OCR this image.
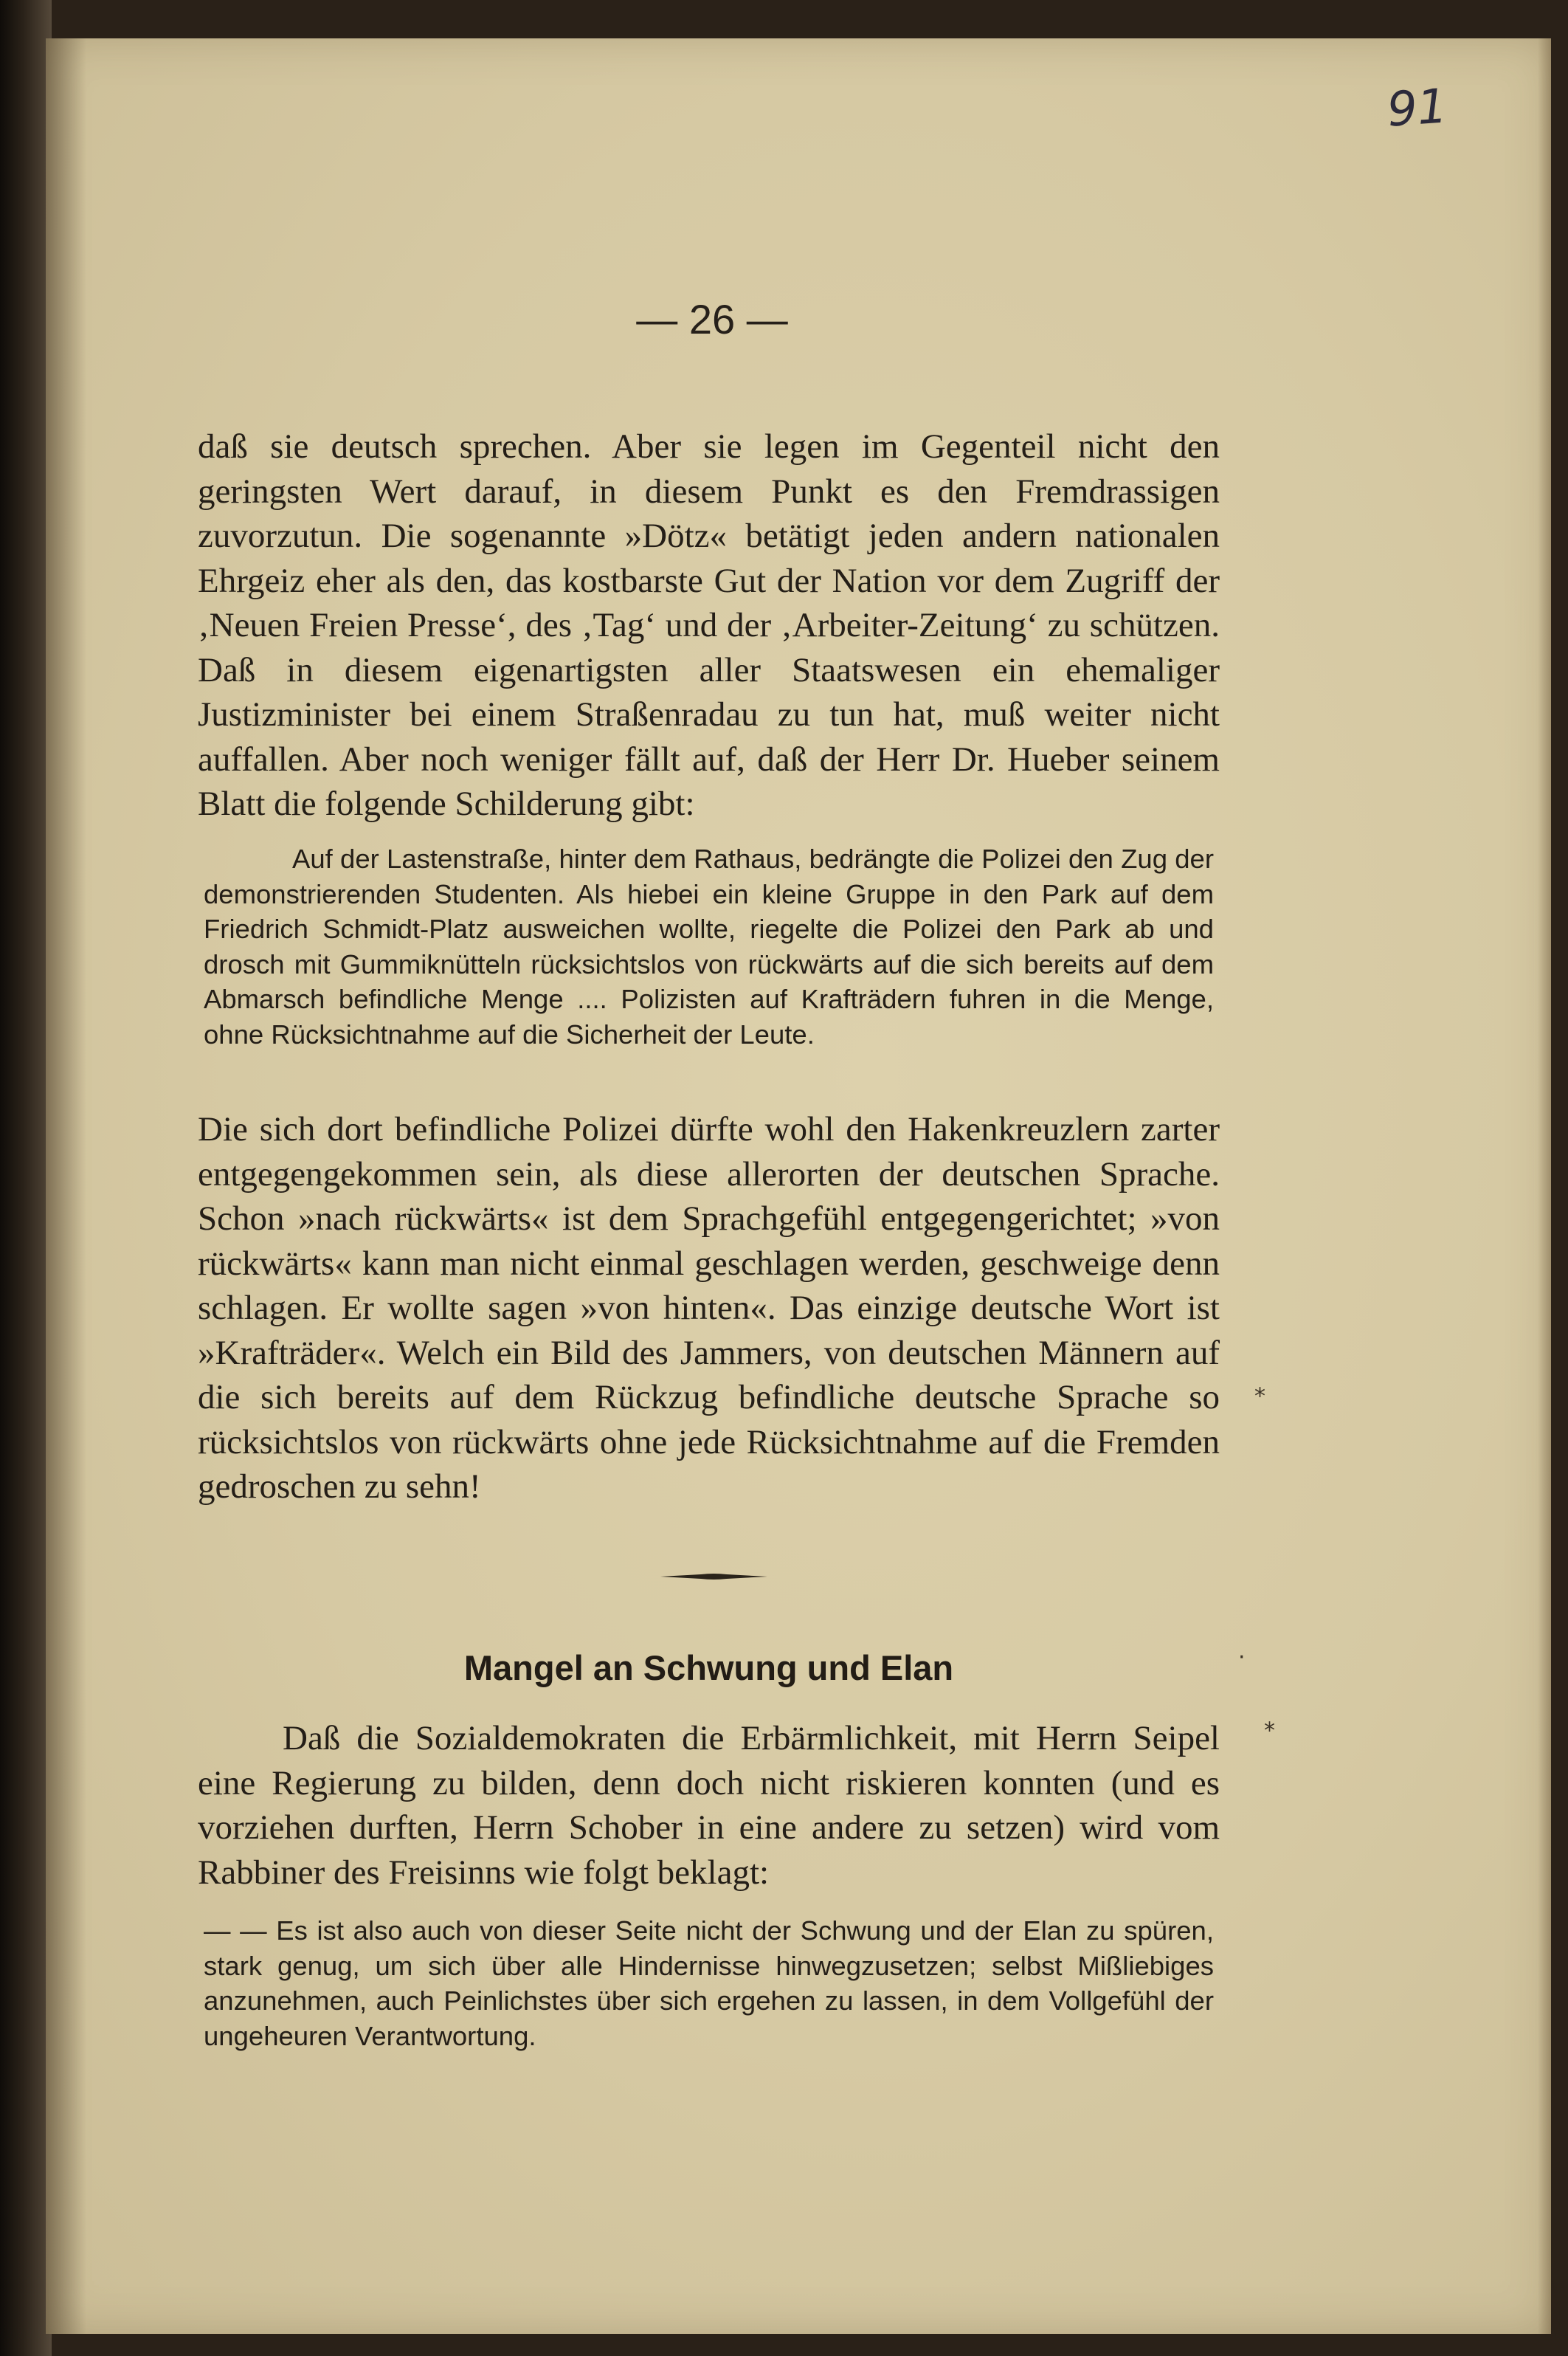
91
— 26 —

daß sie deutsch sprechen. Aber sie legen im Gegenteil nicht den geringsten Wert darauf, in diesem Punkt es den Fremdrassigen zuvorzutun. Die sogenannte »Dötz« betätigt jeden andern nationalen Ehrgeiz eher als den, das kostbarste Gut der Nation vor dem Zugriff der ‚Neuen Freien Presse‘, des ‚Tag‘ und der ‚Arbeiter-Zeitung‘ zu schützen. Daß in diesem eigenartigsten aller Staatswesen ein ehemaliger Justizminister bei einem Straßenradau zu tun hat, muß weiter nicht auffallen. Aber noch weniger fällt auf, daß der Herr Dr. Hueber seinem Blatt die folgende Schilderung gibt:

Auf der Lastenstraße, hinter dem Rathaus, bedrängte die Polizei den Zug der demonstrierenden Studenten. Als hiebei ein kleine Gruppe in den Park auf dem Friedrich Schmidt-Platz ausweichen wollte, riegelte die Polizei den Park ab und drosch mit Gummiknütteln rücksichtslos von rückwärts auf die sich bereits auf dem Abmarsch befindliche Menge .... Polizisten auf Krafträdern fuhren in die Menge, ohne Rücksichtnahme auf die Sicherheit der Leute.

Die sich dort befindliche Polizei dürfte wohl den Hakenkreuzlern zarter entgegengekommen sein, als diese allerorten der deutschen Sprache. Schon »nach rückwärts« ist dem Sprachgefühl entgegengerichtet; »von rückwärts« kann man nicht einmal geschlagen werden, geschweige denn schlagen. Er wollte sagen »von hinten«. Das einzige deutsche Wort ist »Krafträder«. Welch ein Bild des Jammers, von deutschen Männern auf die sich bereits auf dem Rückzug befindliche deutsche Sprache so rücksichtslos von rückwärts ohne jede Rücksichtnahme auf die Fremden gedroschen zu sehn!

Mangel an Schwung und Elan

Daß die Sozialdemokraten die Erbärmlichkeit, mit Herrn Seipel eine Regierung zu bilden, denn doch nicht riskieren konnten (und es vorziehen durften, Herrn Schober in eine andere zu setzen) wird vom Rabbiner des Freisinns wie folgt beklagt:

— — Es ist also auch von dieser Seite nicht der Schwung und der Elan zu spüren, stark genug, um sich über alle Hindernisse hinwegzusetzen; selbst Mißliebiges anzunehmen, auch Peinlichstes über sich ergehen zu lassen, in dem Vollgefühl der ungeheuren Verantwortung.

⁎
·
⁎
